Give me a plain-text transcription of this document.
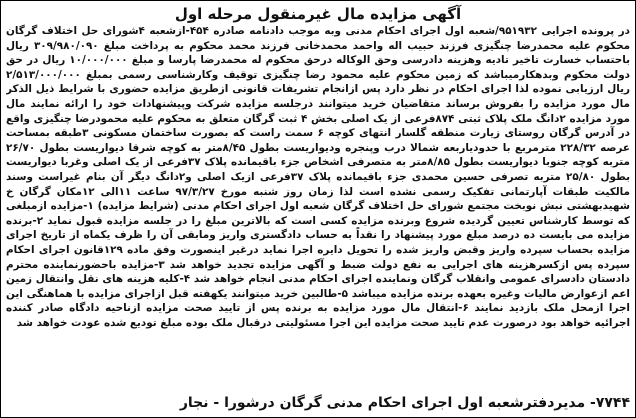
آگهی مزایده مال غیرمنقول مرحله اول

در پرونده اجرایی ۹۵۱۹۳۲/شعبه اول اجرای احکام مدنی وبه موجب دادنامه صادره ۴۵۴-ازشعبه ۴شورای حل اختلاف گرگان محکوم علیه محمدرضا چنگیزی فرزند حبیب اله واحمد محمدخانی فرزند محمد محکوم به پرداخت مبلغ ۳۰۹/۹۸۰/۰۹۰ ریال باحتساب خسارت تاخیر تادیه وهزینه دادرسی وحق الوکاله درحق محکوم له محمدرضا پارسا و مبلغ ۱۰/۰۰۰/۰۰۰ ریال در حق دولت محکوم وبدهکارمیباشد که زمین محکوم علیه محمود رضا چنگیزی توقیف وکارشناسی رسمی بمبلغ ۲/۵۱۳/۰۰۰/۰۰۰ ریال ارزیابی نموده لذا اجرای احکام در نظر دارد پس ازانجام تشریفات قانونی ازطریق مزایده حضوری با شرایط ذیل الذکر مال مورد مزایده را بفروش برساند متقاضیان خرید میتوانند درجلسه مزایده شرکت وپیشنهادات خود را ارائه نمایند مال مورد مزایده ۲دانگ ملک پلاک ثبتی ۸۷۴فرعی از یک اصلی بخش ۴ ثبت گرگان متعلق به محکوم علیه محمودرضا چنگیزی واقع در آدرس گرگان روستای زیارت منطقه گلسار انتهای کوچه ۶ سمت راست که بصورت ساختمان مسکونی ۳طبقه بمساحت عرصه ۲۲۸/۳۲ مترمربع با حدودیاربعه شمالا درب وپنجره ودیواریست بطول ۸/۴۵متر به کوچه شرقا دیواریست بطول ۲۶/۷۰ متربه کوچه جنوبا دیواریست بطول ۸/۸۵متر به متصرفی اشخاص جزء باقیمانده پلاک ۳۷فرعی از یک اصلی وغربا دیواریست بطول ۲۵/۸۰ متربه تصرفی حسین محمدی جزء باقیمانده پلاک ۳۷فرعی ازیک اصلی و۲دانگ دیگر آن بنام غیراست وسند مالکیت طبقات آپارتمانی تفکیک رسمی نشده است لذا زمان روز شنبه مورخ ۹۷/۳/۲۷ ساعت ۱۱الی ۱۲مکان گرگان خ شهیدبهشتی نبش نوبخت مجتمع شورای حل اختلاف گرگان شعبه اول اجرای احکام مدنی (شرایط مزایده) ۱-مزایده ازمبلغی که توسط کارشناس تعیین گردیده شروع وبرنده مزایده کسی است که بالاترین مبلغ را در جلسه مزایده قبول نماید ۲-برنده مزایده می بایست ده درصد مبلغ مورد پیشنهاد را نقداً به حساب دادگستری واریز ومابقی آن را ظرف یکماه از تاریخ اجرای مزایده بحساب سپرده واریز وقبض واریز شده را تحویل دایره اجرا نماید درغیر اینصورت وفق ماده ۱۲۹قانون اجرای احکام سپرده پس ازکسرهزینه های اجرایی به نفع دولت ضبط و آگهی مزایده تجدید خواهد شد ۳-مزایده باحضورنماینده محترم دادستان دادسرای عمومی وانقلاب گرگان ونماینده اجرای احکام مدنی انجام خواهد شد ۴-کلیه هزینه های نقل وانتقال زمین اعم ازعوارض مالیات وغیره بعهده برنده مزایده میباشد ۵-طالبین خرید میتوانند یکهفته قبل ازاجرای مزایده با هماهنگی این اجرا ازمحل ملک بازدید نمایند ۶-انتقال مال مورد مزایده به برنده پس از تایید صحت مزایده ازناحیه دادگاه صادر کننده اجرائیه خواهد بود درصورت عدم تایید صحت مزایده این اجرا مسئولیتی درقبال ملک بوده مبلغ تودیع شده عودت خواهد شد

۷۷۴۴- مدیردفترشعبه اول اجرای احکام مدنی گرگان درشورا - نجار
